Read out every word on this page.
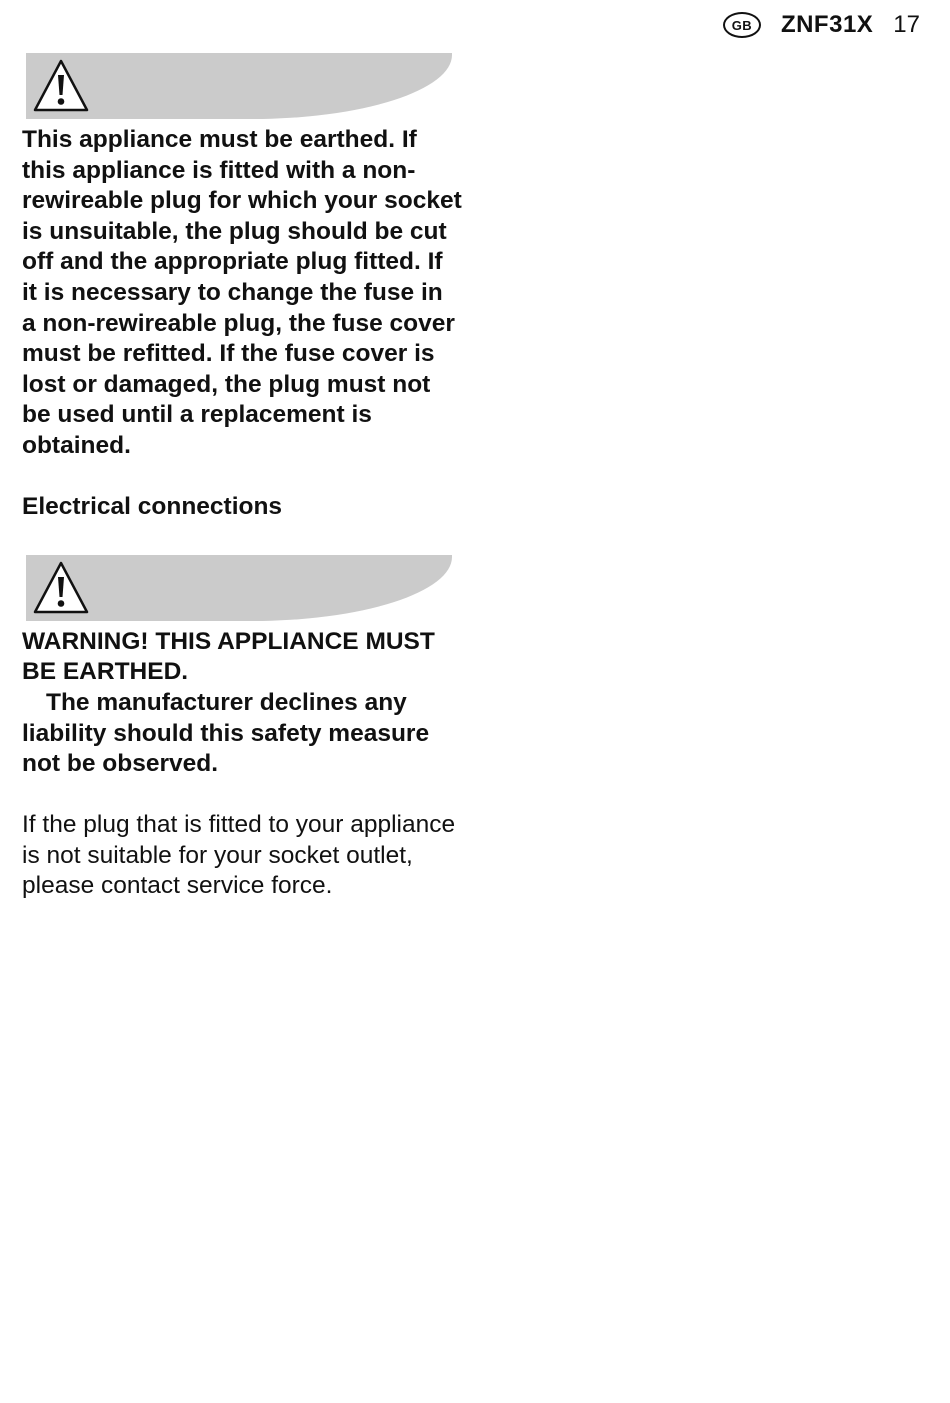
GB	ZNF31X 17

This appliance must be earthed. If this appliance is fitted with a non-rewireable plug for which your socket is unsuitable, the plug should be cut off and the appropriate plug fitted. If it is necessary to change the fuse in a non-rewireable plug, the fuse cover must be refitted. If the fuse cover is lost or damaged, the plug must not be used until a replacement is obtained.

Electrical connections

WARNING! THIS APPLIANCE MUST BE EARTHED.

The manufacturer declines any liability should this safety measure not be observed.

If the plug that is fitted to your appliance is not suitable for your socket outlet, please contact service force.
